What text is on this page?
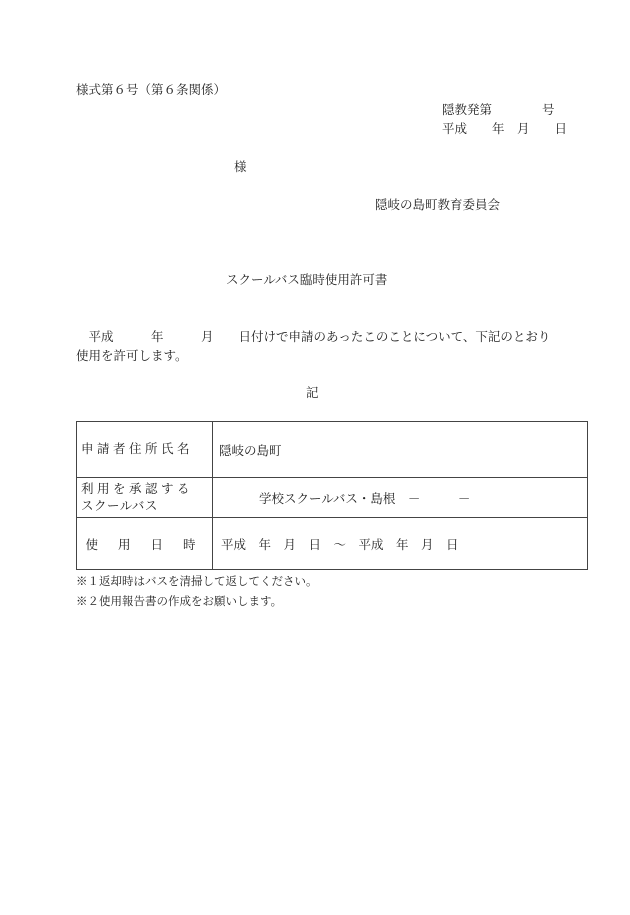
様式第６号（第６条関係）
隠教発第　　　　号
平成　　年　月　　日
様
隠岐の島町教育委員会
スクールバス臨時使用許可書
　平成　　　年　　　月　　日付けで申請のあったこのことについて、下記のとおり
使用を許可します。
記
申請者住所氏名	隠岐の島町

利用を承認する
スクールバス	学校スクールバス・島根　－　　　－

使 用 日 時	平成　年　月　日　～　平成　年　月　日
※１返却時はバスを清掃して返してください。
※２使用報告書の作成をお願いします。
